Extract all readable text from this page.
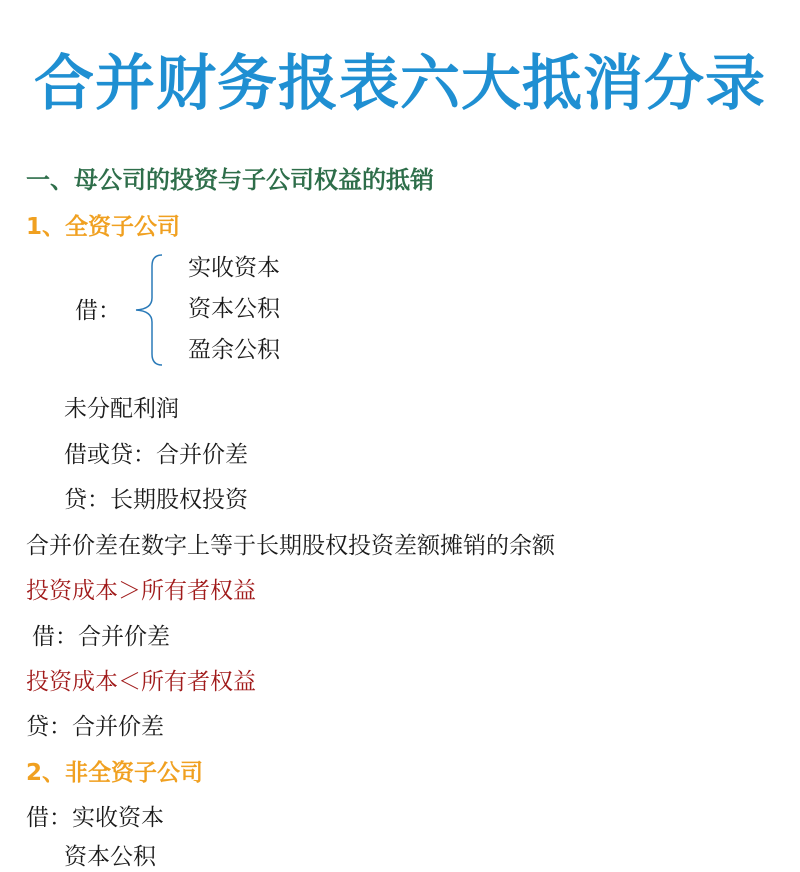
合并财务报表六大抵消分录
一、母公司的投资与子公司权益的抵销
1、全资子公司
借：
实收资本
资本公积
盈余公积
未分配利润
借或贷：合并价差
贷：长期股权投资
合并价差在数字上等于长期股权投资差额摊销的余额
投资成本＞所有者权益
借：合并价差
投资成本＜所有者权益
贷：合并价差
2、非全资子公司
借：实收资本
资本公积
